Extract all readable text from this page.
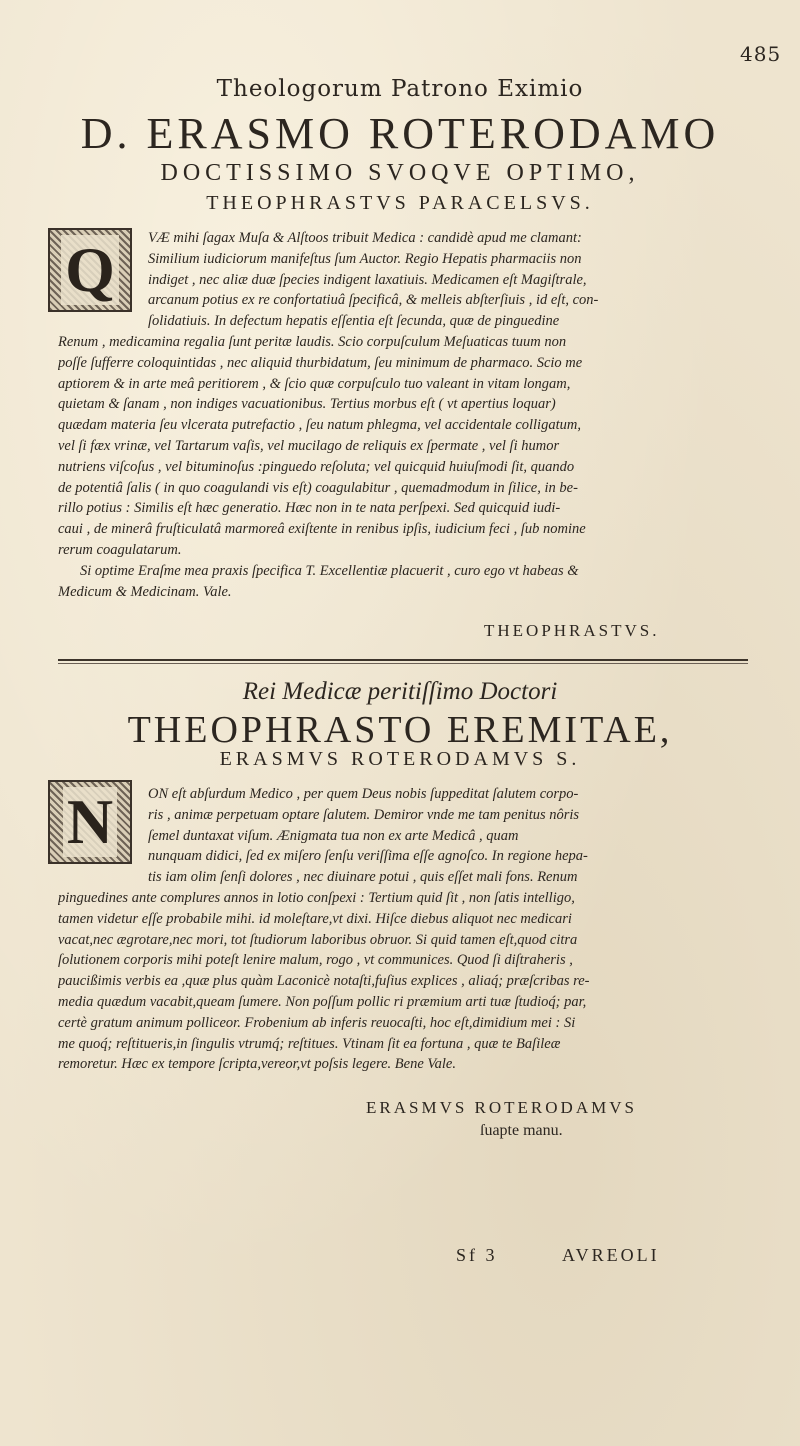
485
Theologorum Patrono Eximio
D. ERASMO ROTERODAMO
DOCTISSIMO SVOQVE OPTIMO,
THEOPHRASTVS PARACELSVS.
Q VÆ mihi ſagax Muſa & Alſtoos tribuit Medica : candidè apud me clamant:
Similium iudiciorum manifeſtus ſum Auctor. Regio Hepatis pharmaciis non
indiget , nec aliæ duæ ſpecies indigent laxatiuis. Medicamen eſt Magiſtrale,
arcanum potius ex re confortatiuâ ſpecificâ, & melleis abſterſiuis , id eſt, con-
ſolidatiuis. In defectum hepatis eſſentia eſt ſecunda, quæ de pinguedine
Renum , medicamina regalia ſunt peritæ laudis. Scio corpuſculum Meſuaticas tuum non
poſſe ſufferre coloquintidas , nec aliquid thurbidatum, ſeu minimum de pharmaco. Scio me
aptiorem & in arte meâ peritiorem , & ſcio quæ corpuſculo tuo valeant in vitam longam,
quietam & ſanam , non indiges vacuationibus. Tertius morbus eſt ( vt apertius loquar)
quædam materia ſeu vlcerata putrefactio , ſeu natum phlegma, vel accidentale colligatum,
vel ſi fæx vrinæ, vel Tartarum vaſis, vel mucilago de reliquis ex ſpermate , vel ſi humor
nutriens viſcoſus , vel bituminoſus :pinguedo reſoluta; vel quicquid huiuſmodi ſit, quando
de potentiâ ſalis ( in quo coagulandi vis eſt) coagulabitur , quemadmodum in ſilice, in be-
rillo potius : Similis eſt hæc generatio. Hæc non in te nata perſpexi. Sed quicquid iudi-
caui , de minerâ fruſticulatâ marmoreâ exiſtente in renibus ipſis, iudicium feci , ſub nomine
rerum coagulatarum.
Si optime Eraſme mea praxis ſpecifica T. Excellentiæ placuerit , curo ego vt habeas &
Medicum & Medicinam. Vale.
THEOPHRASTVS.
Rei Medicæ peritiſſimo Doctori
THEOPHRASTO EREMITAE,
ERASMVS ROTERODAMVS S.
N ON eſt abſurdum Medico , per quem Deus nobis ſuppeditat ſalutem corpo-
ris , animæ perpetuam optare ſalutem. Demiror vnde me tam penitus nôris
ſemel duntaxat viſum. Ænigmata tua non ex arte Medicâ , quam
nunquam didici, ſed ex miſero ſenſu veriſſima eſſe agnoſco. In regione hepa-
tis iam olim ſenſi dolores , nec diuinare potui , quis eſſet mali fons. Renum
pinguedines ante complures annos in lotio conſpexi : Tertium quid ſit , non ſatis intelligo,
tamen videtur eſſe probabile mihi. id moleſtare,vt dixi. Hiſce diebus aliquot nec medicari
vacat,nec ægrotare,nec mori, tot ſtudiorum laboribus obruor. Si quid tamen eſt,quod citra
ſolutionem corporis mihi poteſt lenire malum, rogo , vt communices. Quod ſi diſtraheris ,
paucißimis verbis ea ,quæ plus quàm Laconicè notaſti,fuſius explices , aliaq́; præſcribas re-
media quædum vacabit,queam ſumere. Non poſſum pollic ri præmium arti tuæ ſtudioq́; par,
certè gratum animum polliceor. Frobenium ab inferis reuocaſti, hoc eſt,dimidium mei : Si
me quoq́; reſtitueris,in ſingulis vtrumq́; reſtitues. Vtinam ſit ea fortuna , quæ te Baſileæ
remoretur. Hæc ex tempore ſcripta,vereor,vt poſsis legere. Bene Vale.
ERASMVS ROTERODAMVS
ſuapte manu.
Sf 3	AVREOLI
